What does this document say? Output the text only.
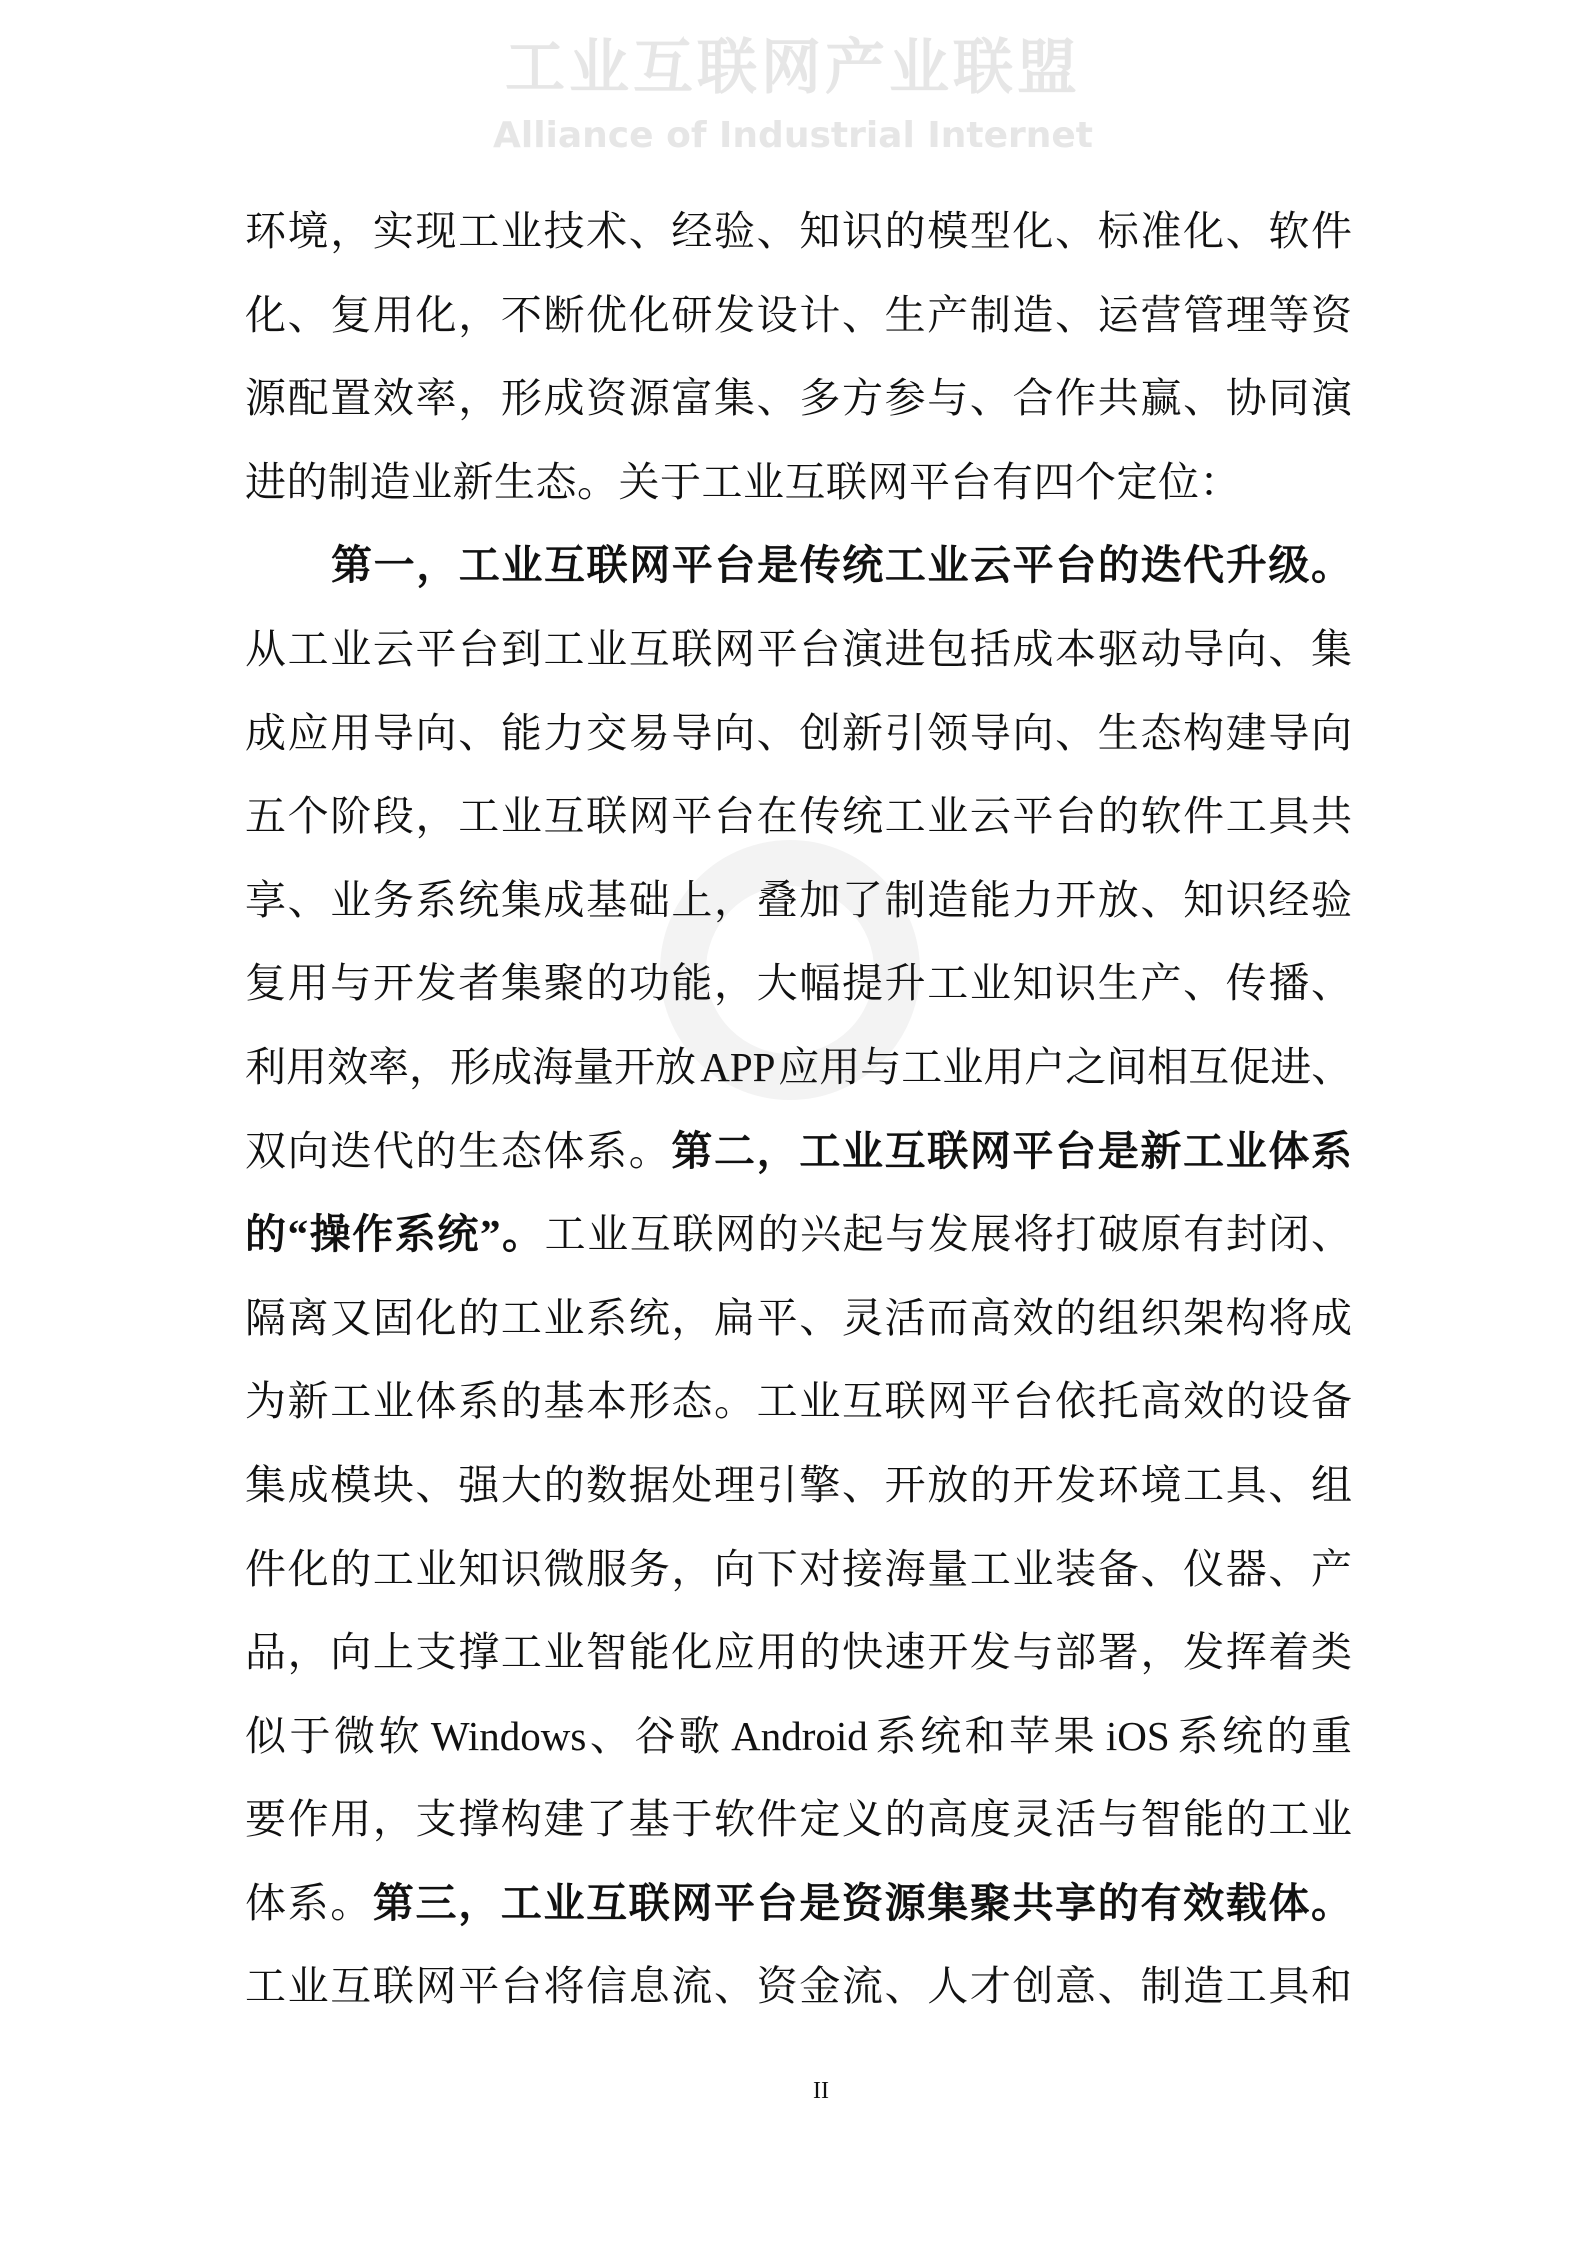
工业互联网产业联盟
Alliance of Industrial Internet
环境，实现工业技术、经验、知识的模型化、标准化、软件
化、复用化，不断优化研发设计、生产制造、运营管理等资
源配置效率，形成资源富集、多方参与、合作共赢、协同演
进的制造业新生态。关于工业互联网平台有四个定位：
第一，工业互联网平台是传统工业云平台的迭代升级。
从工业云平台到工业互联网平台演进包括成本驱动导向、集
成应用导向、能力交易导向、创新引领导向、生态构建导向
五个阶段，工业互联网平台在传统工业云平台的软件工具共
享、业务系统集成基础上，叠加了制造能力开放、知识经验
复用与开发者集聚的功能，大幅提升工业知识生产、传播、
利用效率，形成海量开放 APP 应用与工业用户之间相互促进、
双向迭代的生态体系。第二，工业互联网平台是新工业体系
的“操作系统”。工业互联网的兴起与发展将打破原有封闭、
隔离又固化的工业系统，扁平、灵活而高效的组织架构将成
为新工业体系的基本形态。工业互联网平台依托高效的设备
集成模块、强大的数据处理引擎、开放的开发环境工具、组
件化的工业知识微服务，向下对接海量工业装备、仪器、产
品，向上支撑工业智能化应用的快速开发与部署，发挥着类
似于微软 Windows、谷歌 Android 系统和苹果 iOS 系统的重
要作用，支撑构建了基于软件定义的高度灵活与智能的工业
体系。第三，工业互联网平台是资源集聚共享的有效载体。
工业互联网平台将信息流、资金流、人才创意、制造工具和
II
